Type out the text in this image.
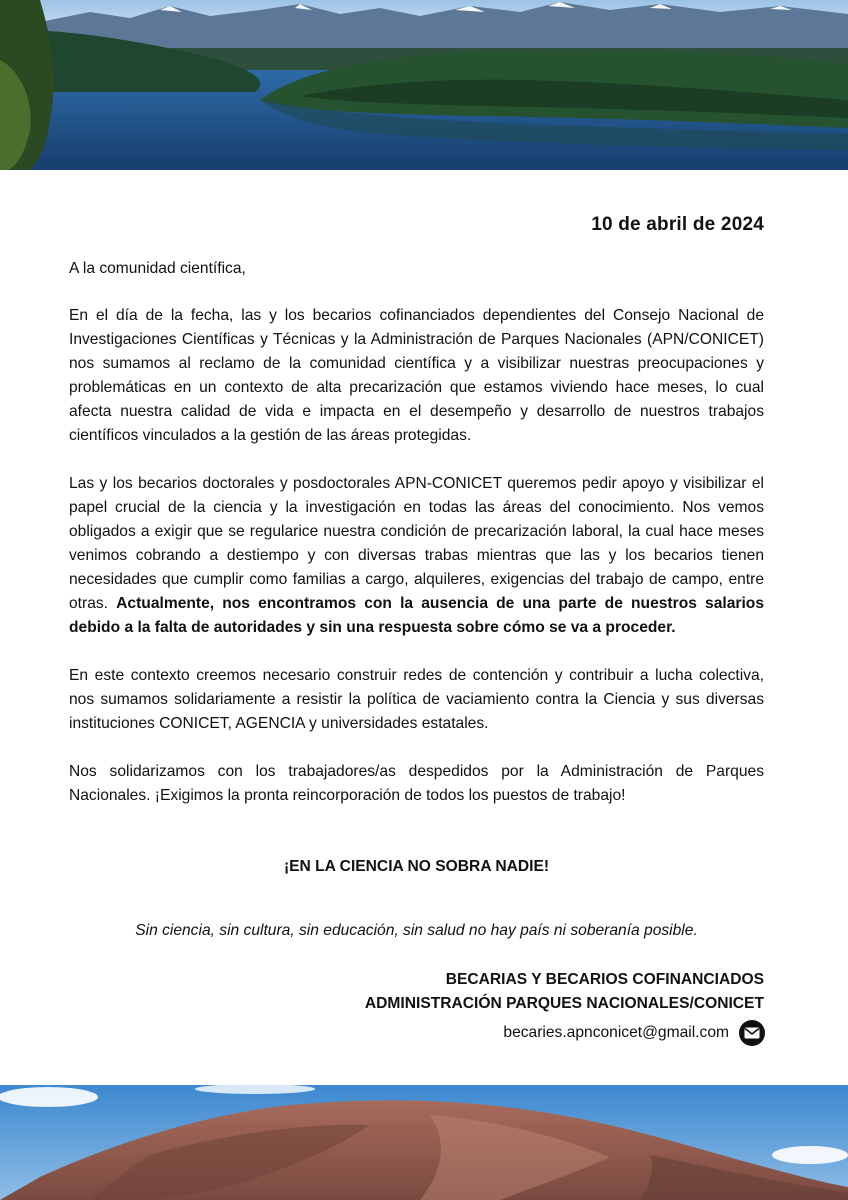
10 de abril de 2024

A la comunidad científica,

En el día de la fecha, las y los becarios cofinanciados dependientes del Consejo Nacional de Investigaciones Científicas y Técnicas y la Administración de Parques Nacionales (APN/CONICET) nos sumamos al reclamo de la comunidad científica y a visibilizar nuestras preocupaciones y problemáticas en un contexto de alta precarización que estamos viviendo hace meses, lo cual afecta nuestra calidad de vida e impacta en el desempeño y desarrollo de nuestros trabajos científicos vinculados a la gestión de las áreas protegidas.

Las y los becarios doctorales y posdoctorales APN-CONICET queremos pedir apoyo y visibilizar el papel crucial de la ciencia y la investigación en todas las áreas del conocimiento. Nos vemos obligados a exigir que se regularice nuestra condición de precarización laboral, la cual hace meses venimos cobrando a destiempo y con diversas trabas mientras que las y los becarios tienen necesidades que cumplir como familias a cargo, alquileres, exigencias del trabajo de campo, entre otras. Actualmente, nos encontramos con la ausencia de una parte de nuestros salarios debido a la falta de autoridades y sin una respuesta sobre cómo se va a proceder.

En este contexto creemos necesario construir redes de contención y contribuir a lucha colectiva, nos sumamos solidariamente a resistir la política de vaciamiento contra la Ciencia y sus diversas instituciones CONICET, AGENCIA y universidades estatales.

Nos solidarizamos con los trabajadores/as despedidos por la Administración de Parques Nacionales. ¡Exigimos la pronta reincorporación de todos los puestos de trabajo!

¡EN LA CIENCIA NO SOBRA NADIE!

Sin ciencia, sin cultura, sin educación, sin salud no hay país ni soberanía posible.

BECARIAS Y BECARIOS COFINANCIADOS
ADMINISTRACIÓN PARQUES NACIONALES/CONICET
becaries.apnconicet@gmail.com
